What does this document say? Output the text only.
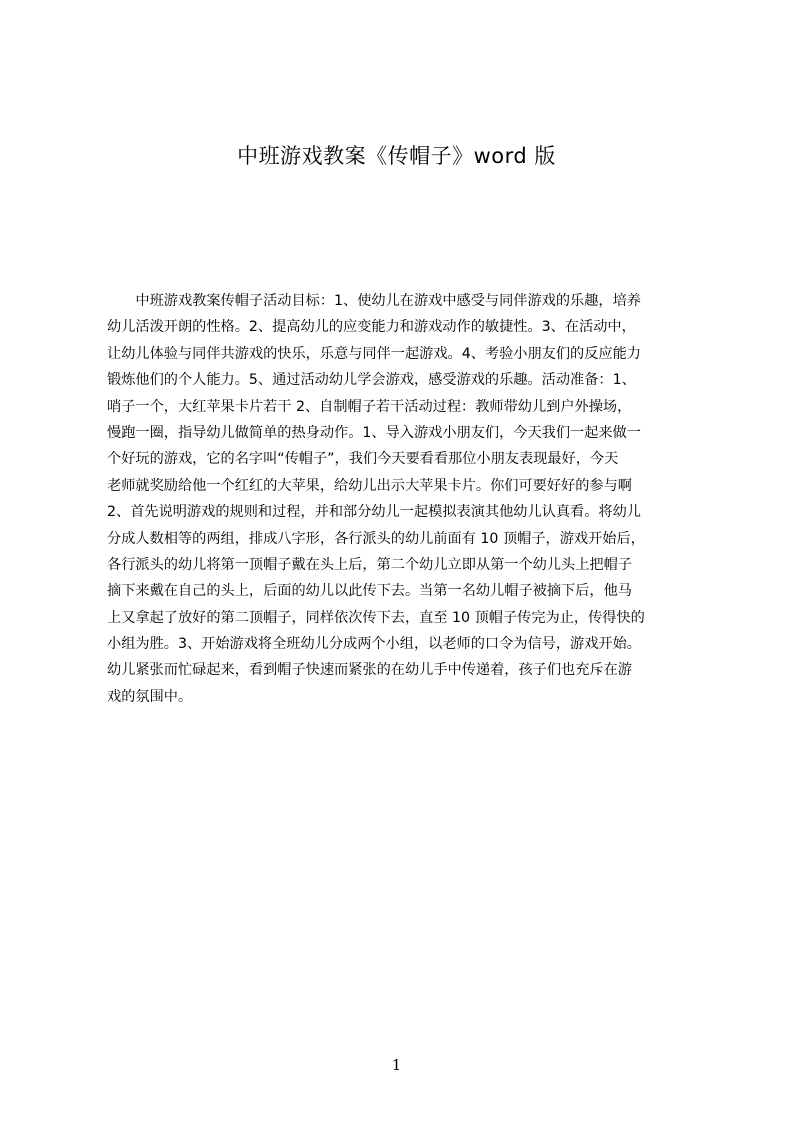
中班游戏教案《传帽子》word 版
　　中班游戏教案传帽子活动目标：1、使幼儿在游戏中感受与同伴游戏的乐趣，培养
幼儿活泼开朗的性格。2、提高幼儿的应变能力和游戏动作的敏捷性。3、在活动中，
让幼儿体验与同伴共游戏的快乐，乐意与同伴一起游戏。4、考验小朋友们的反应能力
锻炼他们的个人能力。5、通过活动幼儿学会游戏，感受游戏的乐趣。活动准备：1、
哨子一个，大红苹果卡片若干 2、自制帽子若干活动过程：教师带幼儿到户外操场，
慢跑一圈，指导幼儿做简单的热身动作。1、导入游戏小朋友们，今天我们一起来做一
个好玩的游戏，它的名字叫“传帽子”，我们今天要看看那位小朋友表现最好，今天
老师就奖励给他一个红红的大苹果，给幼儿出示大苹果卡片。你们可要好好的参与啊
2、首先说明游戏的规则和过程，并和部分幼儿一起模拟表演其他幼儿认真看。将幼儿
分成人数相等的两组，排成八字形，各行派头的幼儿前面有 10 顶帽子，游戏开始后，
各行派头的幼儿将第一顶帽子戴在头上后，第二个幼儿立即从第一个幼儿头上把帽子
摘下来戴在自己的头上，后面的幼儿以此传下去。当第一名幼儿帽子被摘下后，他马
上又拿起了放好的第二顶帽子，同样依次传下去，直至 10 顶帽子传完为止，传得快的
小组为胜。3、开始游戏将全班幼儿分成两个小组，以老师的口令为信号，游戏开始。
幼儿紧张而忙碌起来，看到帽子快速而紧张的在幼儿手中传递着，孩子们也充斥在游
戏的氛围中。
1
